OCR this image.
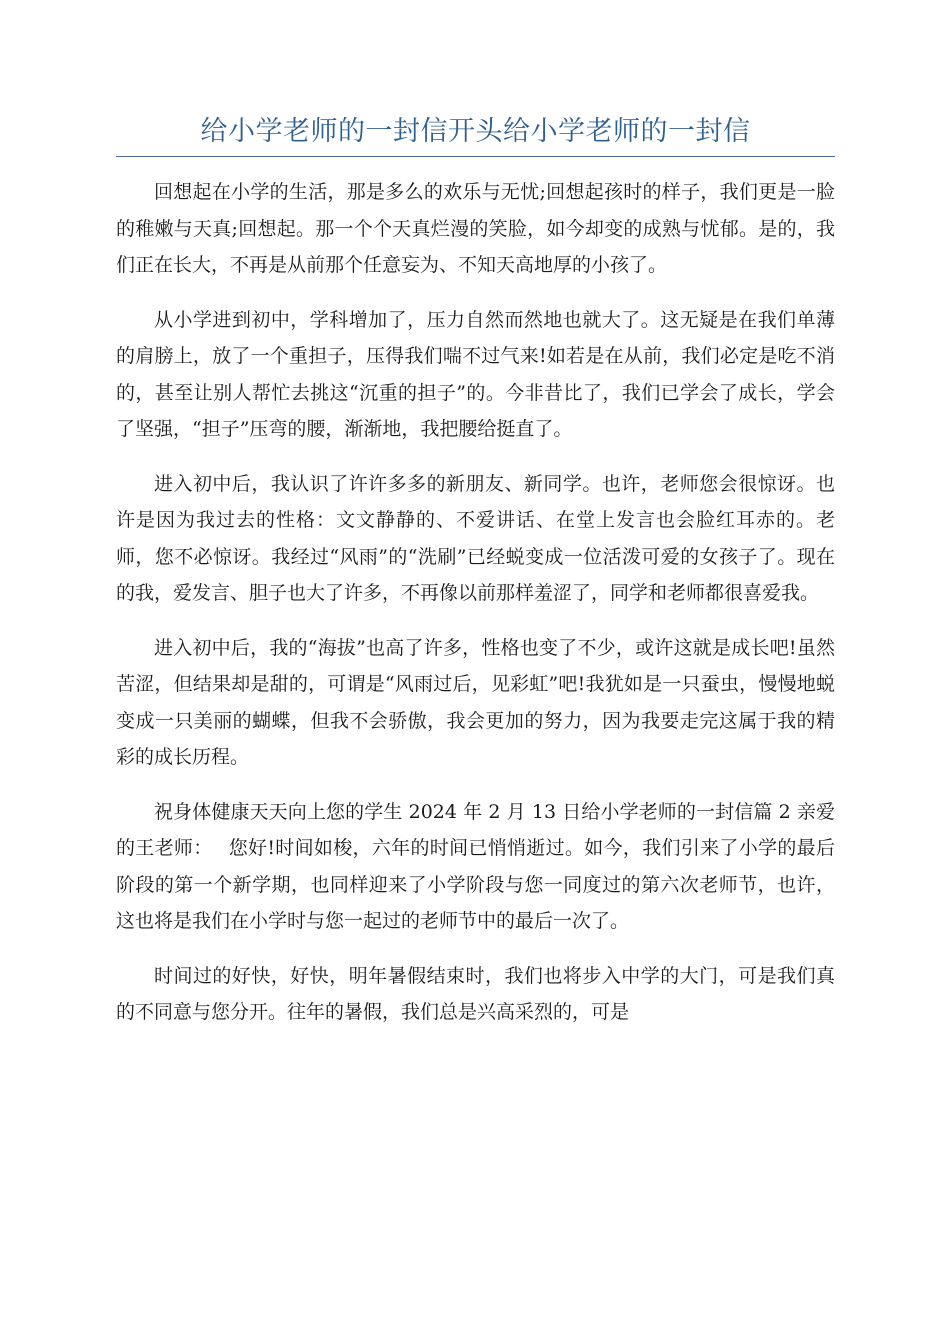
给小学老师的一封信开头给小学老师的一封信

回想起在小学的生活，那是多么的欢乐与无忧;回想起孩时的样子，我们更是一脸的稚嫩与天真;回想起。那一个个天真烂漫的笑脸，如今却变的成熟与忧郁。是的，我们正在长大，不再是从前那个任意妄为、不知天高地厚的小孩了。

从小学进到初中，学科增加了，压力自然而然地也就大了。这无疑是在我们单薄的肩膀上，放了一个重担子，压得我们喘不过气来!如若是在从前，我们必定是吃不消的，甚至让别人帮忙去挑这“沉重的担子”的。今非昔比了，我们已学会了成长，学会了坚强，“担子”压弯的腰，渐渐地，我把腰给挺直了。

进入初中后，我认识了许许多多的新朋友、新同学。也许，老师您会很惊讶。也许是因为我过去的性格：文文静静的、不爱讲话、在堂上发言也会脸红耳赤的。老师，您不必惊讶。我经过“风雨”的“洗刷”已经蜕变成一位活泼可爱的女孩子了。现在的我，爱发言、胆子也大了许多，不再像以前那样羞涩了，同学和老师都很喜爱我。

进入初中后，我的“海拔”也高了许多，性格也变了不少，或许这就是成长吧!虽然苦涩，但结果却是甜的，可谓是“风雨过后，见彩虹”吧!我犹如是一只蚕虫，慢慢地蜕变成一只美丽的蝴蝶，但我不会骄傲，我会更加的努力，因为我要走完这属于我的精彩的成长历程。

祝身体健康天天向上您的学生 2024 年 2 月 13 日给小学老师的一封信篇 2 亲爱的王老师：　 您好!时间如梭，六年的时间已悄悄逝过。如今，我们引来了小学的最后阶段的第一个新学期，也同样迎来了小学阶段与您一同度过的第六次老师节，也许，这也将是我们在小学时与您一起过的老师节中的最后一次了。

时间过的好快，好快，明年暑假结束时，我们也将步入中学的大门，可是我们真的不同意与您分开。往年的暑假，我们总是兴高采烈的，可是
